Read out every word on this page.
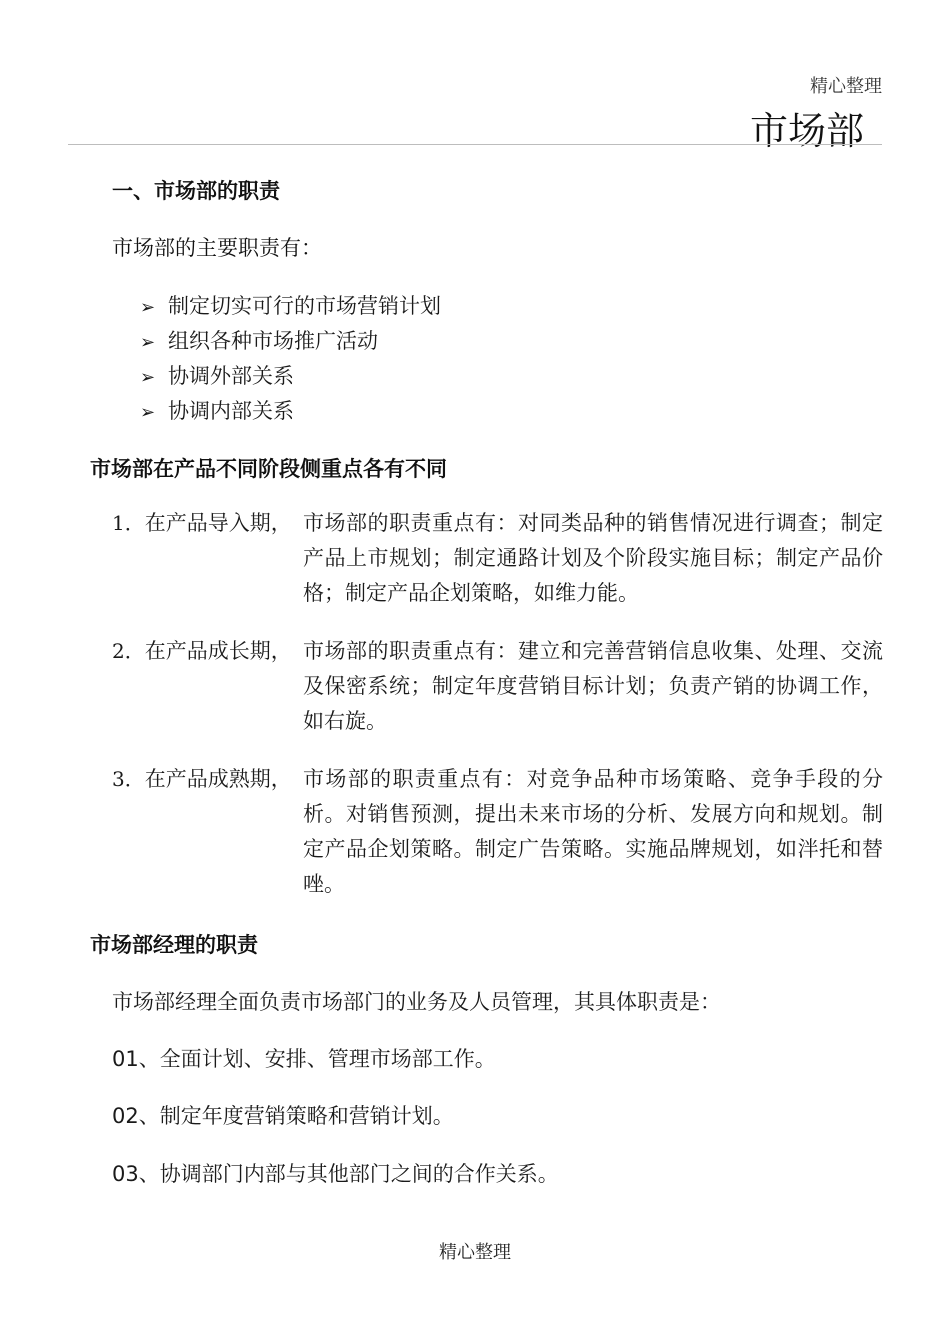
精心整理
市场部
一、市场部的职责
市场部的主要职责有：
➢ 制定切实可行的市场营销计划
➢ 组织各种市场推广活动
➢ 协调外部关系
➢ 协调内部关系
市场部在产品不同阶段侧重点各有不同
1．在产品导入期， 市场部的职责重点有：对同类品种的销售情况进行调查；制定产品上市规划；制定通路计划及个阶段实施目标；制定产品价格；制定产品企划策略，如维力能。
2．在产品成长期， 市场部的职责重点有：建立和完善营销信息收集、处理、交流及保密系统；制定年度营销目标计划；负责产销的协调工作，如右旋。
3．在产品成熟期， 市场部的职责重点有：对竞争品种市场策略、竞争手段的分析。对销售预测，提出未来市场的分析、发展方向和规划。制定产品企划策略。制定广告策略。实施品牌规划，如泮托和替唑。
市场部经理的职责
市场部经理全面负责市场部门的业务及人员管理，其具体职责是：
01、全面计划、安排、管理市场部工作。
02、制定年度营销策略和营销计划。
03、协调部门内部与其他部门之间的合作关系。
精心整理
